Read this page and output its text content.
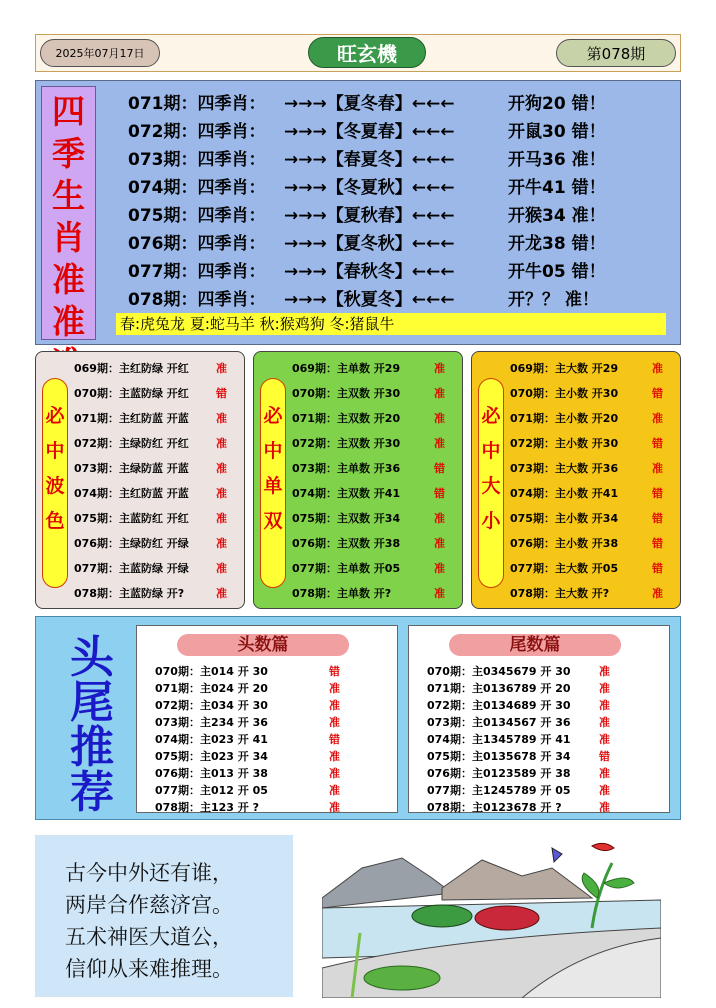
2025年07月17日	旺玄機	第078期
四
季
生
肖
准
准
071期：四季肖： →→→【夏冬春】←←←	开狗20 错！
072期：四季肖： →→→【冬夏春】←←←	开鼠30 错！
073期：四季肖： →→→【春夏冬】←←←	开马36 准！
074期：四季肖： →→→【冬夏秋】←←←	开牛41 错！
075期：四季肖： →→→【夏秋春】←←←	开猴34 准！
076期：四季肖： →→→【夏冬秋】←←←	开龙38 错！
077期：四季肖： →→→【春秋冬】←←←	开牛05 错！
078期：四季肖： →→→【秋夏冬】←←←	开？？ 准！
春:虎兔龙 夏:蛇马羊 秋:猴鸡狗 冬:猪鼠牛
必
中
波
色
069期：主红防绿 开红 准
070期：主蓝防绿 开红 错
071期：主红防蓝 开蓝 准
072期：主绿防红 开红 准
073期：主绿防蓝 开蓝 准
074期：主红防蓝 开蓝 准
075期：主蓝防红 开红 准
076期：主绿防红 开绿 准
077期：主蓝防绿 开绿 准
078期：主蓝防绿 开?	准
必
中
单
双
069期：主单数 开29	准
070期：主双数 开30	准
071期：主双数 开20	准
072期：主双数 开30	准
073期：主单数 开36	错
074期：主双数 开41	错
075期：主双数 开34	准
076期：主双数 开38	准
077期：主单数 开05	准
078期：主单数 开?	准
必
中
大
小
069期：主大数 开29	准
070期：主小数 开30	错
071期：主小数 开20	准
072期：主小数 开30	错
073期：主大数 开36	准
074期：主小数 开41	错
075期：主小数 开34	错
076期：主小数 开38	错
077期：主大数 开05	错
078期：主大数 开?	准
头
尾
推
荐
头数篇
070期：主014 开 30	错
071期：主024 开 20	准
072期：主034 开 30	准
073期：主234 开 36	准
074期：主023 开 41	错
075期：主023 开 34	准
076期：主013 开 38	准
077期：主012 开 05	准
078期：主123 开 ?	准
尾数篇
070期：主0345679 开 30	准
071期：主0136789 开 20	准
072期：主0134689 开 30	准
073期：主0134567 开 36	准
074期：主1345789 开 41	准
075期：主0135678 开 34	错
076期：主0123589 开 38	准
077期：主1245789 开 05	准
078期：主0123678 开 ?	准
古今中外还有谁，
两岸合作慈济宫。
五术神医大道公，
信仰从来难推理。
